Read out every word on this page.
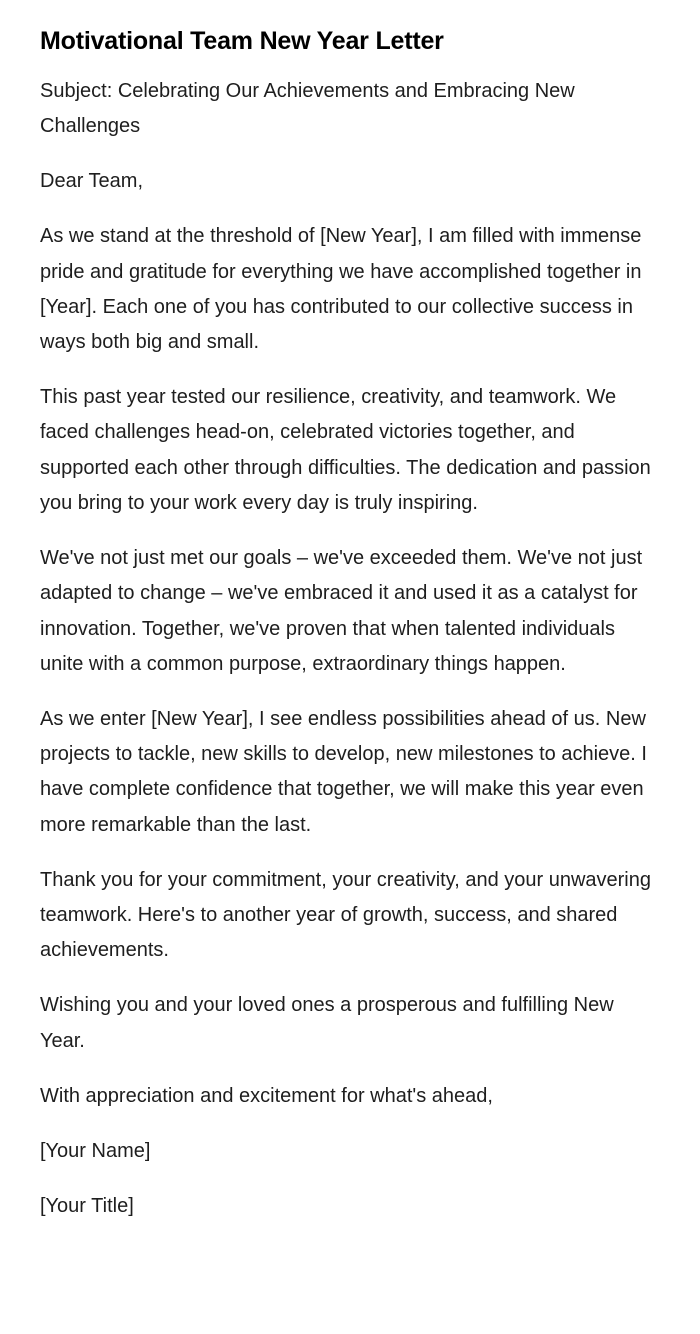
Motivational Team New Year Letter

Subject: Celebrating Our Achievements and Embracing New Challenges

Dear Team,

As we stand at the threshold of [New Year], I am filled with immense pride and gratitude for everything we have accomplished together in [Year]. Each one of you has contributed to our collective success in ways both big and small.

This past year tested our resilience, creativity, and teamwork. We faced challenges head-on, celebrated victories together, and supported each other through difficulties. The dedication and passion you bring to your work every day is truly inspiring.

We've not just met our goals – we've exceeded them. We've not just adapted to change – we've embraced it and used it as a catalyst for innovation. Together, we've proven that when talented individuals unite with a common purpose, extraordinary things happen.

As we enter [New Year], I see endless possibilities ahead of us. New projects to tackle, new skills to develop, new milestones to achieve. I have complete confidence that together, we will make this year even more remarkable than the last.

Thank you for your commitment, your creativity, and your unwavering teamwork. Here's to another year of growth, success, and shared achievements.

Wishing you and your loved ones a prosperous and fulfilling New Year.

With appreciation and excitement for what's ahead,

[Your Name]

[Your Title]
